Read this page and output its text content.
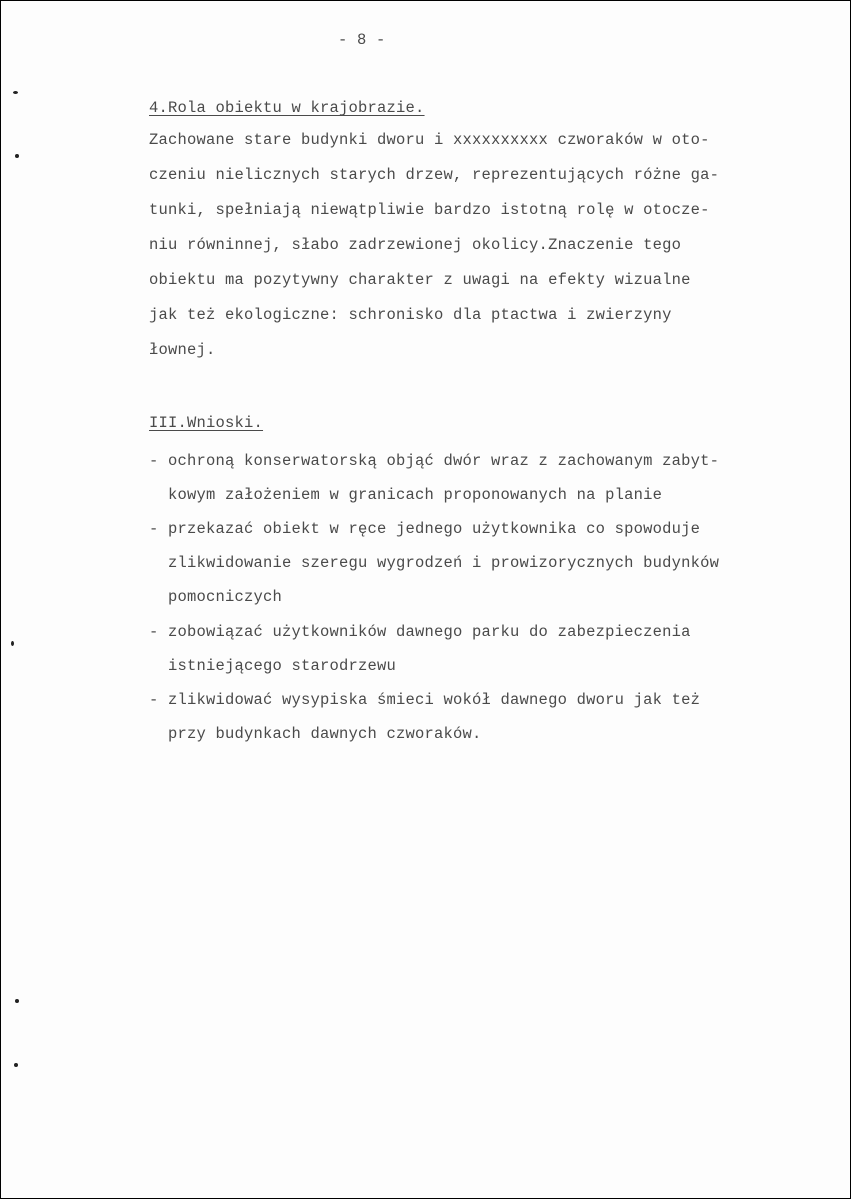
- 8 -
4.Rola obiektu w krajobrazie.
Zachowane stare budynki dworu i xxxxxxxxxx czworaków w oto-
czeniu nielicznych starych drzew, reprezentujących różne ga-
tunki, spełniają niewątpliwie bardzo istotną rolę w otocze-
niu równinnej, słabo zadrzewionej okolicy.Znaczenie tego
obiektu ma pozytywny charakter z uwagi na efekty wizualne
jak też ekologiczne: schronisko dla ptactwa i zwierzyny
łownej.
III.Wnioski.
- ochroną konserwatorską objąć dwór wraz z zachowanym zabyt-
kowym założeniem w granicach proponowanych na planie
- przekazać obiekt w ręce jednego użytkownika co spowoduje
zlikwidowanie szeregu wygrodzeń i prowizorycznych budynków
pomocniczych
- zobowiązać użytkowników dawnego parku do zabezpieczenia
istniejącego starodrzewu
- zlikwidować wysypiska śmieci wokół dawnego dworu jak też
przy budynkach dawnych czworaków.
